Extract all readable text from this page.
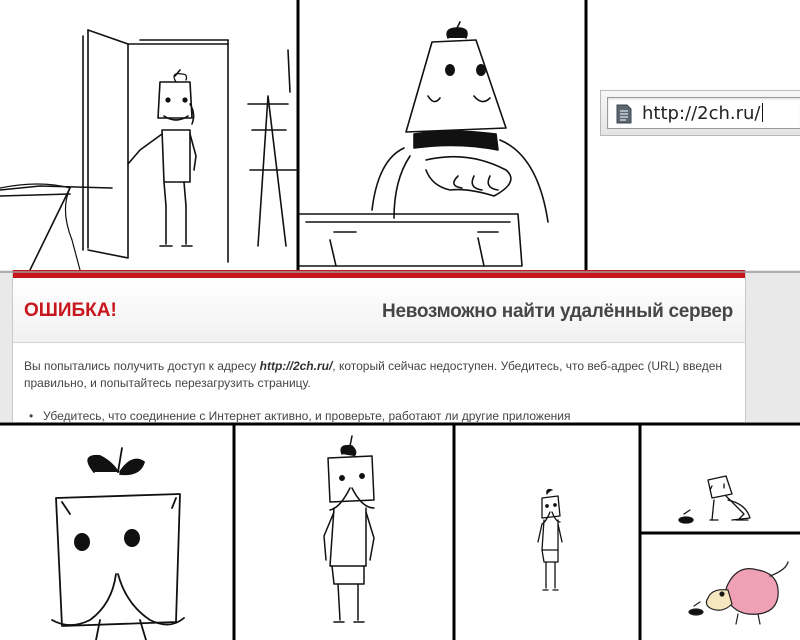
http://2ch.ru/
ОШИБКА!	Невозможно найти удалённый сервер
Вы попытались получить доступ к адресу http://2ch.ru/, который сейчас недоступен. Убедитесь, что веб-адрес (URL) введен правильно, и попытайтесь перезагрузить страницу.
• Убедитесь, что соединение с Интернет активно, и проверьте, работают ли другие приложения
